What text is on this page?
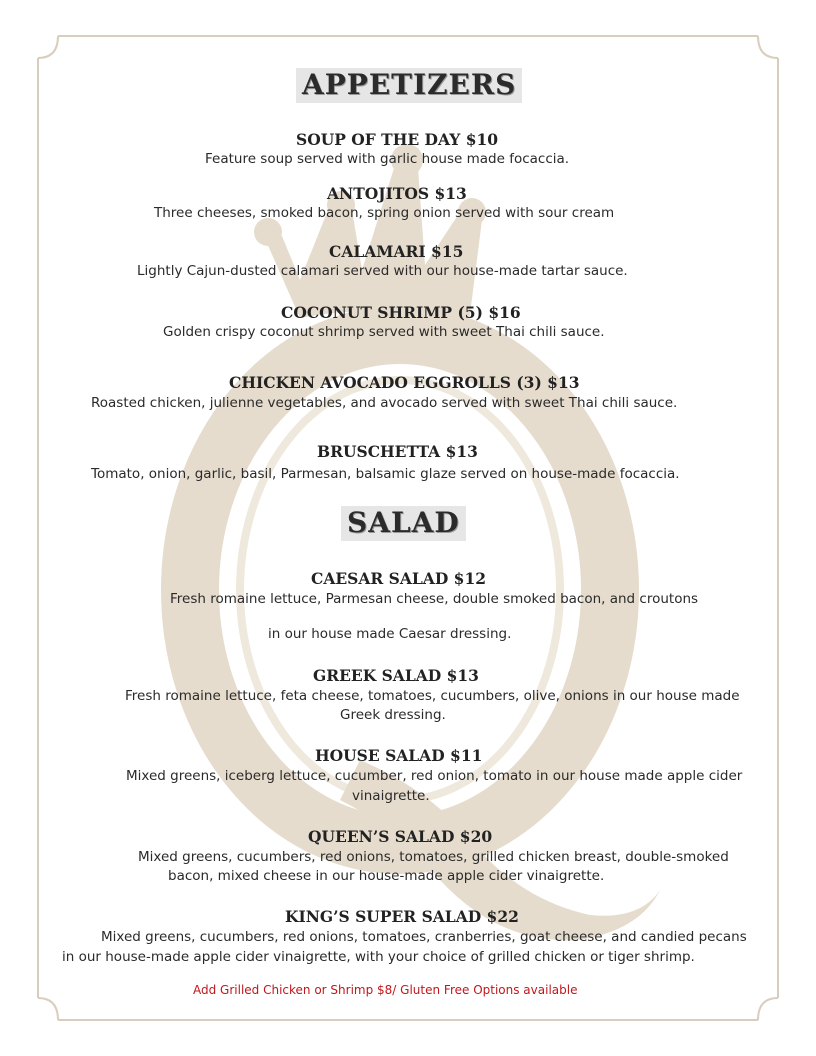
APPETIZERS
SOUP OF THE DAY $10
Feature soup served with garlic house made focaccia.
ANTOJITOS $13
Three cheeses, smoked bacon, spring onion served with sour cream
CALAMARI $15
Lightly Cajun-dusted calamari served with our house-made tartar sauce.
COCONUT SHRIMP (5) $16
Golden crispy coconut shrimp served with sweet Thai chili sauce.
CHICKEN AVOCADO EGGROLLS (3) $13
Roasted chicken, julienne vegetables, and avocado served with sweet Thai chili sauce.
BRUSCHETTA $13
Tomato, onion, garlic, basil, Parmesan, balsamic glaze served on house-made focaccia.
SALAD
CAESAR SALAD $12
Fresh romaine lettuce, Parmesan cheese, double smoked bacon, and croutons
in our house made Caesar dressing.
GREEK SALAD $13
Fresh romaine lettuce, feta cheese, tomatoes, cucumbers, olive, onions in our house made
Greek dressing.
HOUSE SALAD $11
Mixed greens, iceberg lettuce, cucumber, red onion, tomato in our house made apple cider
vinaigrette.
QUEEN’S SALAD $20
Mixed greens, cucumbers, red onions, tomatoes, grilled chicken breast, double-smoked
bacon, mixed cheese in our house-made apple cider vinaigrette.
KING’S SUPER SALAD $22
Mixed greens, cucumbers, red onions, tomatoes, cranberries, goat cheese, and candied pecans
in our house-made apple cider vinaigrette, with your choice of grilled chicken or tiger shrimp.
Add Grilled Chicken or Shrimp $8/ Gluten Free Options available
